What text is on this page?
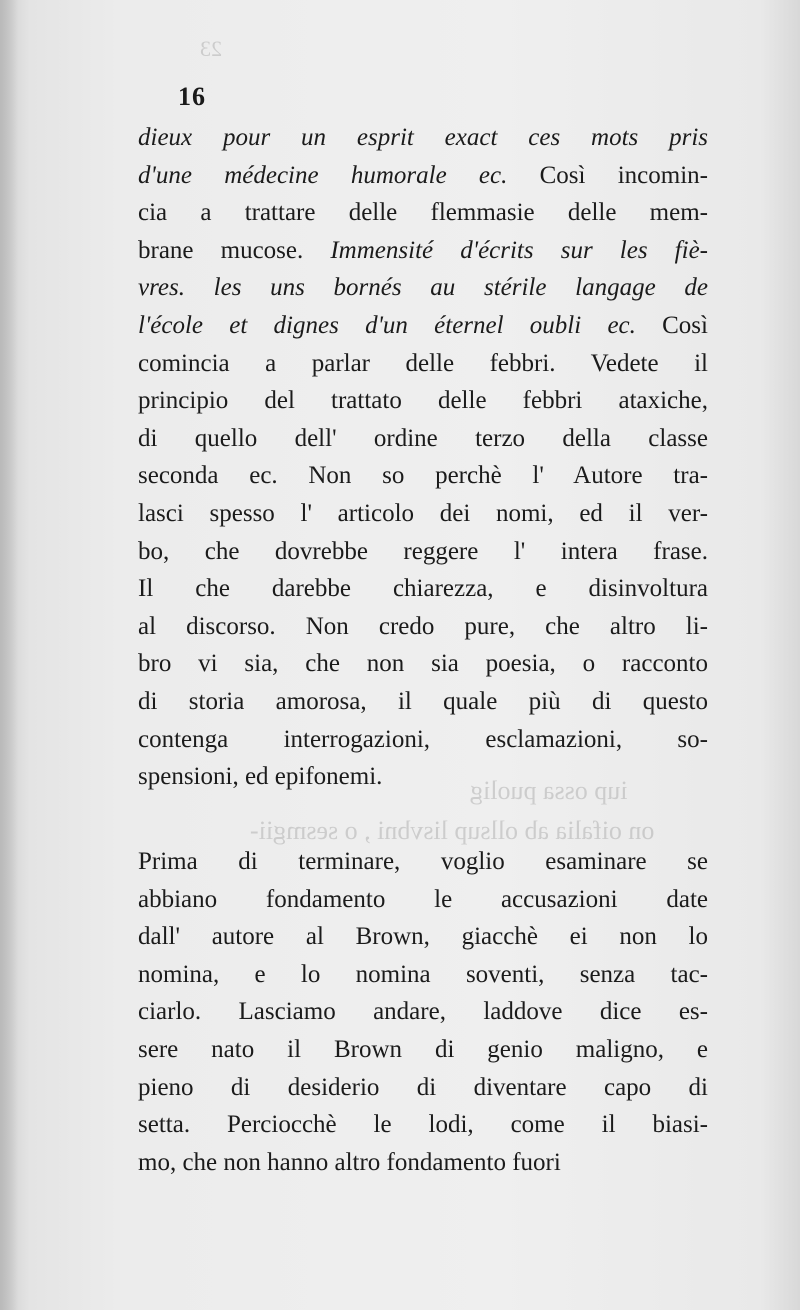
23
iup ossa puolig
on oifalia ab ollsup lisvbni , o sesmgii-
16
dieux pour un esprit exact ces mots pris
d'une médecine humorale ec. Così incomin-
cia a trattare delle flemmasie delle mem-
brane mucose. Immensité d'écrits sur les fiè-
vres. les uns bornés au stérile langage de
l'école et dignes d'un éternel oubli ec. Così
comincia a parlar delle febbri. Vedete il
principio del trattato delle febbri ataxiche,
di quello dell' ordine terzo della classe
seconda ec. Non so perchè l' Autore tra-
lasci spesso l' articolo dei nomi, ed il ver-
bo, che dovrebbe reggere l' intera frase.
Il che darebbe chiarezza, e disinvoltura
al discorso. Non credo pure, che altro li-
bro vi sia, che non sia poesia, o racconto
di storia amorosa, il quale più di questo
contenga interrogazioni, esclamazioni, so-
spensioni, ed epifonemi.
Prima di terminare, voglio esaminare se
abbiano fondamento le accusazioni date
dall' autore al Brown, giacchè ei non lo
nomina, e lo nomina soventi, senza tac-
ciarlo. Lasciamo andare, laddove dice es-
sere nato il Brown di genio maligno, e
pieno di desiderio di diventare capo di
setta. Perciocchè le lodi, come il biasi-
mo, che non hanno altro fondamento fuori
